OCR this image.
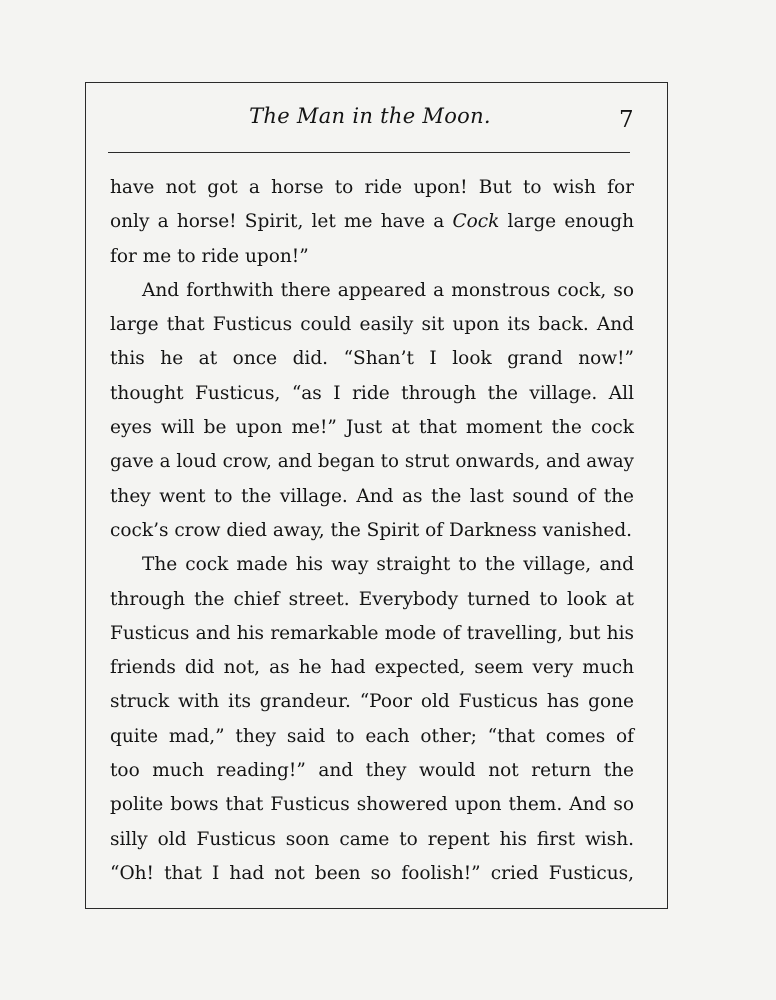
The Man in the Moon.	7
have not got a horse to ride upon! But to wish for
only a horse! Spirit, let me have a Cock large enough
for me to ride upon!”
And forthwith there appeared a monstrous cock, so
large that Fusticus could easily sit upon its back. And
this he at once did. “Shan’t I look grand now!”
thought Fusticus, “as I ride through the village. All
eyes will be upon me!” Just at that moment the cock
gave a loud crow, and began to strut onwards, and away
they went to the village. And as the last sound of the
cock’s crow died away, the Spirit of Darkness vanished.
The cock made his way straight to the village, and
through the chief street. Everybody turned to look at
Fusticus and his remarkable mode of travelling, but his
friends did not, as he had expected, seem very much
struck with its grandeur. “Poor old Fusticus has gone
quite mad,” they said to each other; “that comes of
too much reading!” and they would not return the
polite bows that Fusticus showered upon them. And so
silly old Fusticus soon came to repent his first wish.
“Oh! that I had not been so foolish!” cried Fusticus,
